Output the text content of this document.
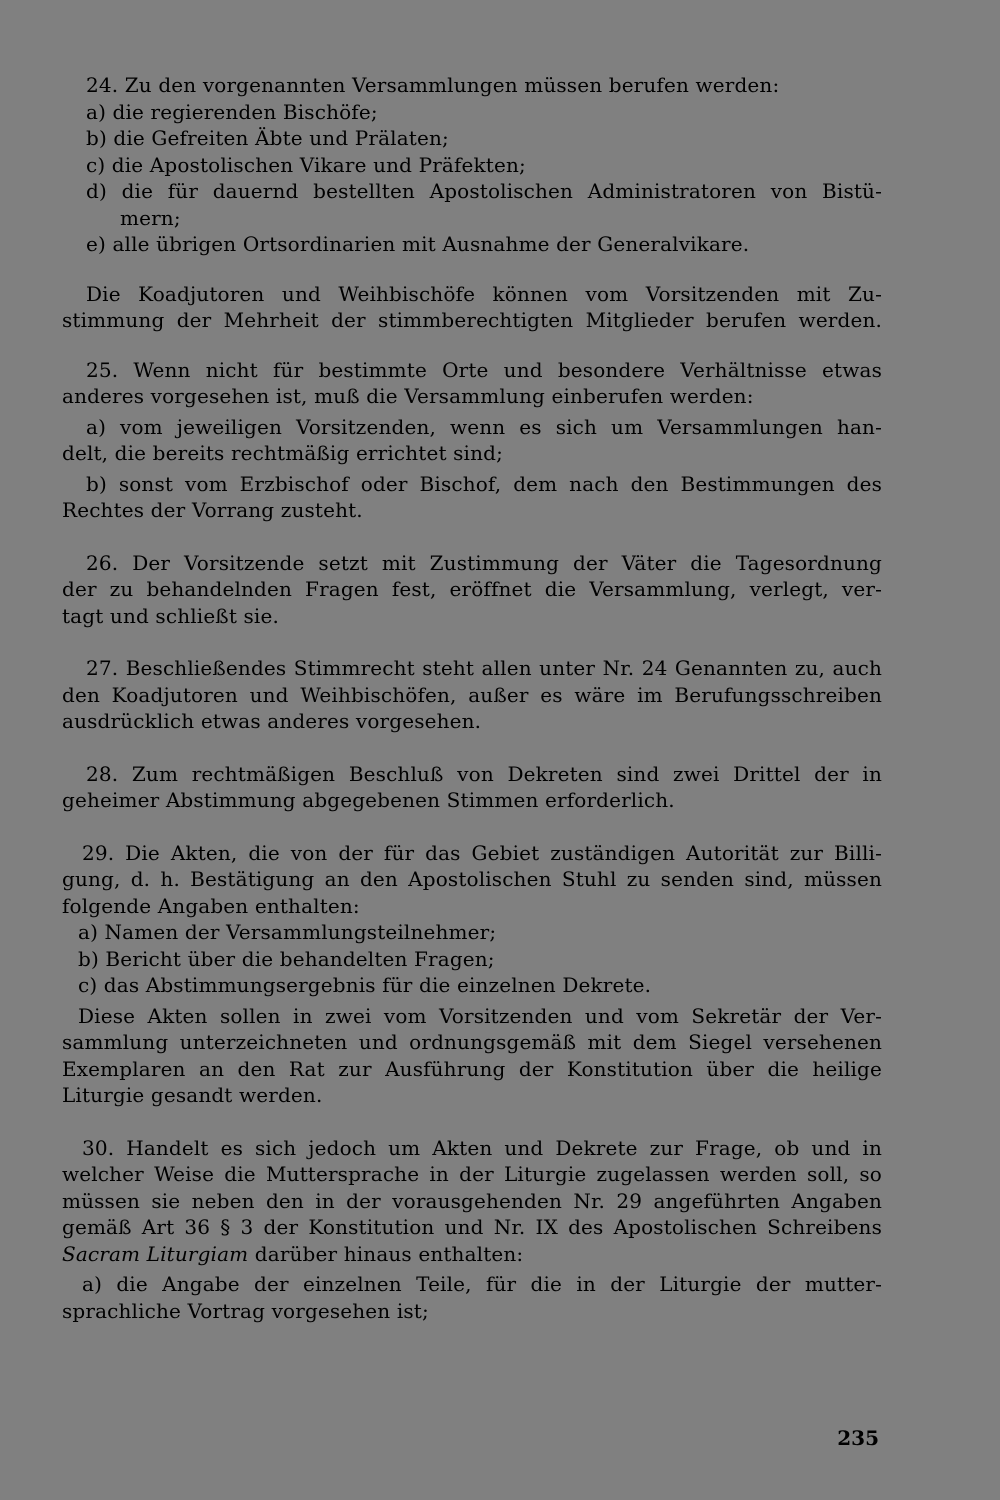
24. Zu den vorgenannten Versammlungen müssen berufen werden:
a) die regierenden Bischöfe;
b) die Gefreiten Äbte und Prälaten;
c) die Apostolischen Vikare und Präfekten;
d) die für dauernd bestellten Apostolischen Administratoren von Bistü-
mern;
e) alle übrigen Ortsordinarien mit Ausnahme der Generalvikare.
Die Koadjutoren und Weihbischöfe können vom Vorsitzenden mit Zu-
stimmung der Mehrheit der stimmberechtigten Mitglieder berufen werden.
25. Wenn nicht für bestimmte Orte und besondere Verhältnisse etwas
anderes vorgesehen ist, muß die Versammlung einberufen werden:
a) vom jeweiligen Vorsitzenden, wenn es sich um Versammlungen han-
delt, die bereits rechtmäßig errichtet sind;
b) sonst vom Erzbischof oder Bischof, dem nach den Bestimmungen des
Rechtes der Vorrang zusteht.
26. Der Vorsitzende setzt mit Zustimmung der Väter die Tagesordnung
der zu behandelnden Fragen fest, eröffnet die Versammlung, verlegt, ver-
tagt und schließt sie.
27. Beschließendes Stimmrecht steht allen unter Nr. 24 Genannten zu, auch
den Koadjutoren und Weihbischöfen, außer es wäre im Berufungsschreiben
ausdrücklich etwas anderes vorgesehen.
28. Zum rechtmäßigen Beschluß von Dekreten sind zwei Drittel der in
geheimer Abstimmung abgegebenen Stimmen erforderlich.
29. Die Akten, die von der für das Gebiet zuständigen Autorität zur Billi-
gung, d. h. Bestätigung an den Apostolischen Stuhl zu senden sind, müssen
folgende Angaben enthalten:
a) Namen der Versammlungsteilnehmer;
b) Bericht über die behandelten Fragen;
c) das Abstimmungsergebnis für die einzelnen Dekrete.
Diese Akten sollen in zwei vom Vorsitzenden und vom Sekretär der Ver-
sammlung unterzeichneten und ordnungsgemäß mit dem Siegel versehenen
Exemplaren an den Rat zur Ausführung der Konstitution über die heilige
Liturgie gesandt werden.
30. Handelt es sich jedoch um Akten und Dekrete zur Frage, ob und in
welcher Weise die Muttersprache in der Liturgie zugelassen werden soll, so
müssen sie neben den in der vorausgehenden Nr. 29 angeführten Angaben
gemäß Art 36 § 3 der Konstitution und Nr. IX des Apostolischen Schreibens
Sacram Liturgiam darüber hinaus enthalten:
a) die Angabe der einzelnen Teile, für die in der Liturgie der mutter-
sprachliche Vortrag vorgesehen ist;
235
